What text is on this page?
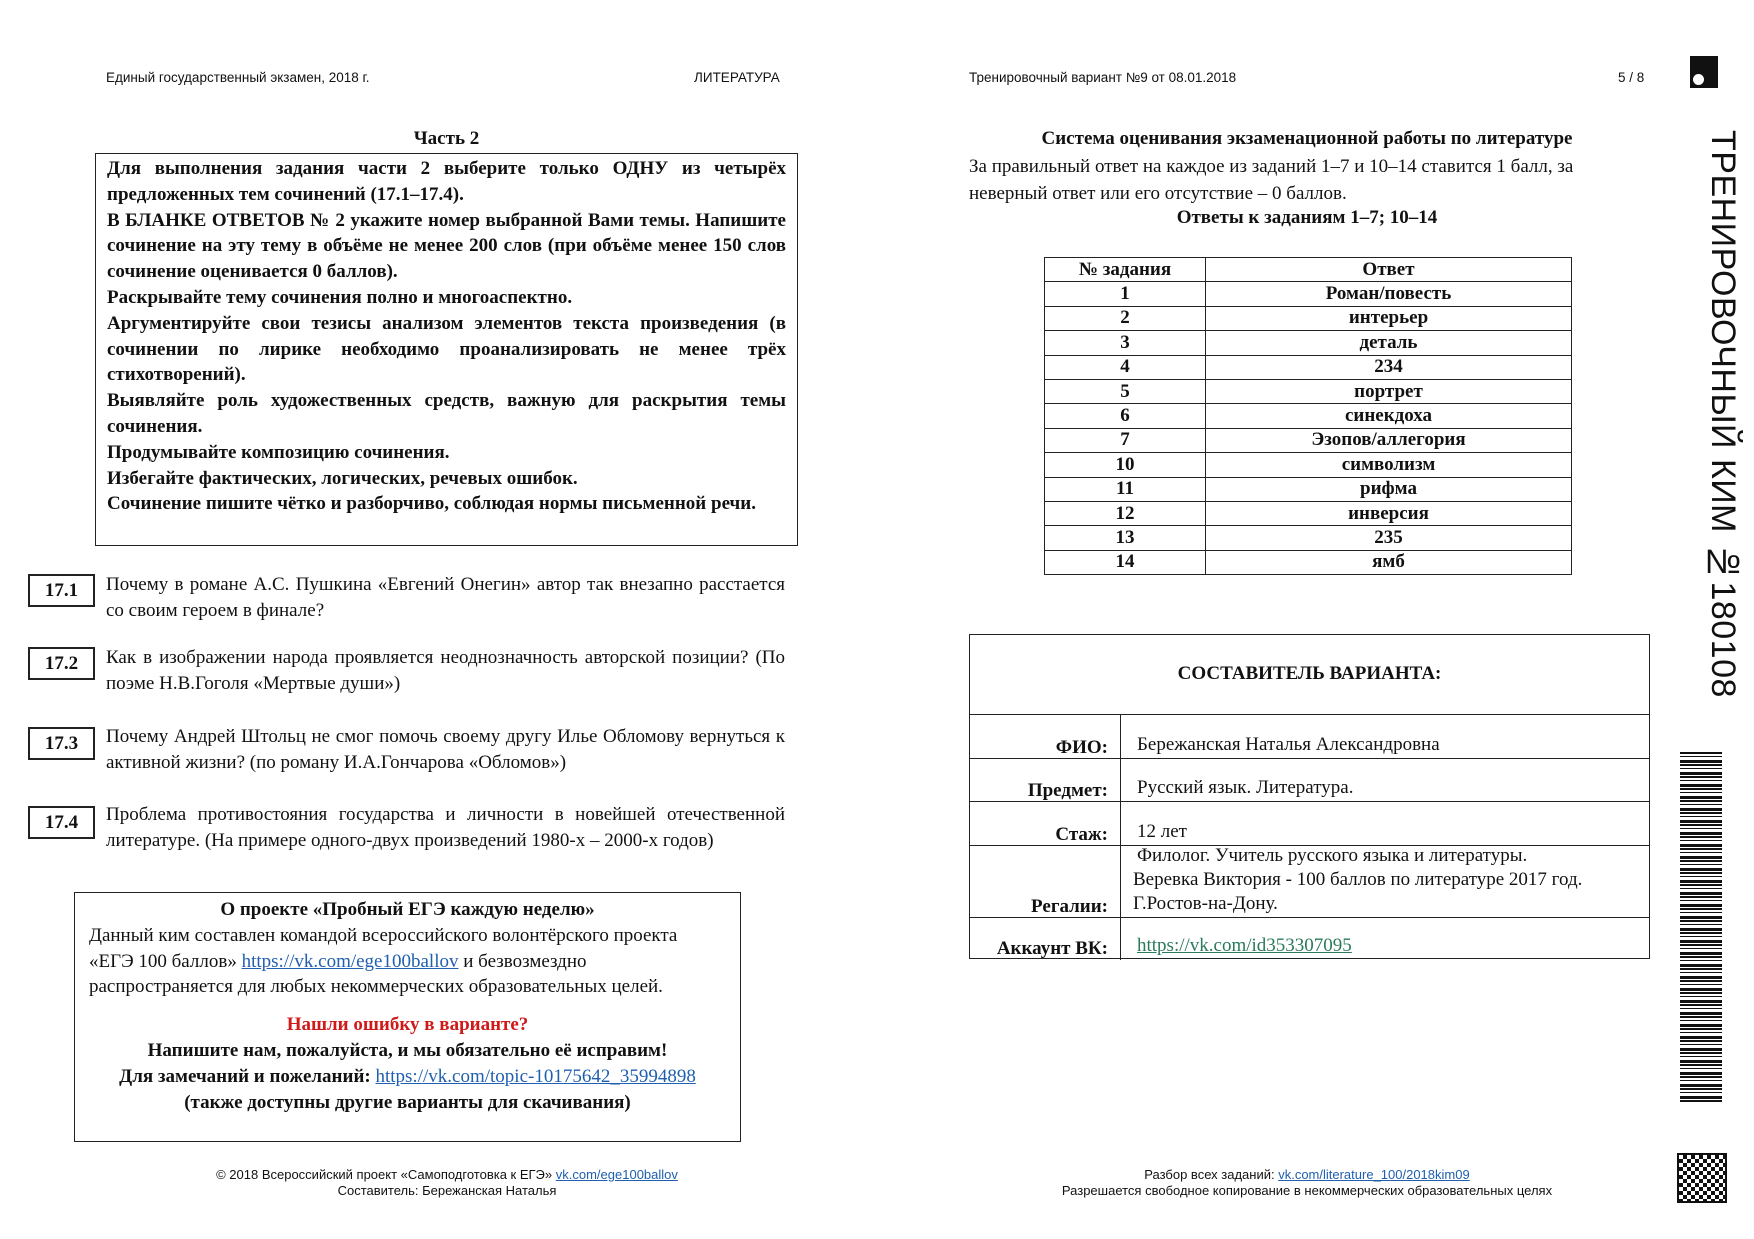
Единый государственный экзамен, 2018 г.	ЛИТЕРАТУРА	Тренировочный вариант №9 от 08.01.2018	5 / 8
ТРЕНИРОВОЧНЫЙ КИМ №180108
Часть 2

Для выполнения задания части 2 выберите только ОДНУ из четырёх предложенных тем сочинений (17.1–17.4).

В БЛАНКЕ ОТВЕТОВ № 2 укажите номер выбранной Вами темы. Напишите сочинение на эту тему в объёме не менее 200 слов (при объёме менее 150 слов сочинение оценивается 0 баллов).

Раскрывайте тему сочинения полно и многоаспектно.

Аргументируйте свои тезисы анализом элементов текста произведения (в сочинении по лирике необходимо проанализировать не менее трёх стихотворений).

Выявляйте роль художественных средств, важную для раскрытия темы сочинения.

Продумывайте композицию сочинения.

Избегайте фактических, логических, речевых ошибок.

Сочинение пишите чётко и разборчиво, соблюдая нормы письменной речи.

17.1	Почему в романе А.С. Пушкина «Евгений Онегин» автор так внезапно расстается со своим героем в финале?
17.2	Как в изображении народа проявляется неоднозначность авторской позиции? (По поэме Н.В.Гоголя «Мертвые души»)
17.3	Почему Андрей Штольц не смог помочь своему другу Илье Обломову вернуться к активной жизни? (по роману И.А.Гончарова «Обломов»)
17.4	Проблема противостояния государства и личности в новейшей отечественной литературе. (На примере одного-двух произведений 1980-х – 2000-х годов)

О проекте «Пробный ЕГЭ каждую неделю»

Данный ким составлен командой всероссийского волонтёрского проекта «ЕГЭ 100 баллов» https://vk.com/ege100ballov и безвозмездно распространяется для любых некоммерческих образовательных целей.

Нашли ошибку в варианте?

Напишите нам, пожалуйста, и мы обязательно её исправим!

Для замечаний и пожеланий: https://vk.com/topic-10175642_35994898

(также доступны другие варианты для скачивания)

© 2018 Всероссийский проект «Самоподготовка к ЕГЭ» vk.com/ege100ballov
Составитель: Бережанская Наталья
Система оценивания экзаменационной работы по литературе
За правильный ответ на каждое из заданий 1–7 и 10–14 ставится 1 балл, за неверный ответ или его отсутствие – 0 баллов.
Ответы к заданиям 1–7; 10–14
№ задания	Ответ
1	Роман/повесть
2	интерьер
3	деталь
4	234
5	портрет
6	синекдоха
7	Эзопов/аллегория
10	символизм
11	рифма
12	инверсия
13	235
14	ямб
СОСТАВИТЕЛЬ ВАРИАНТА:
ФИО:	Бережанская Наталья Александровна
Предмет:	Русский язык. Литература.
Стаж:	12 лет
Регалии:
Филолог. Учитель русского языка и литературы.
Веревка Виктория - 100 баллов по литературе 2017 год.
Г.Ростов-на-Дону.
Аккаунт ВК:	https://vk.com/id353307095
Разбор всех заданий: vk.com/literature_100/2018kim09
Разрешается свободное копирование в некоммерческих образовательных целях
